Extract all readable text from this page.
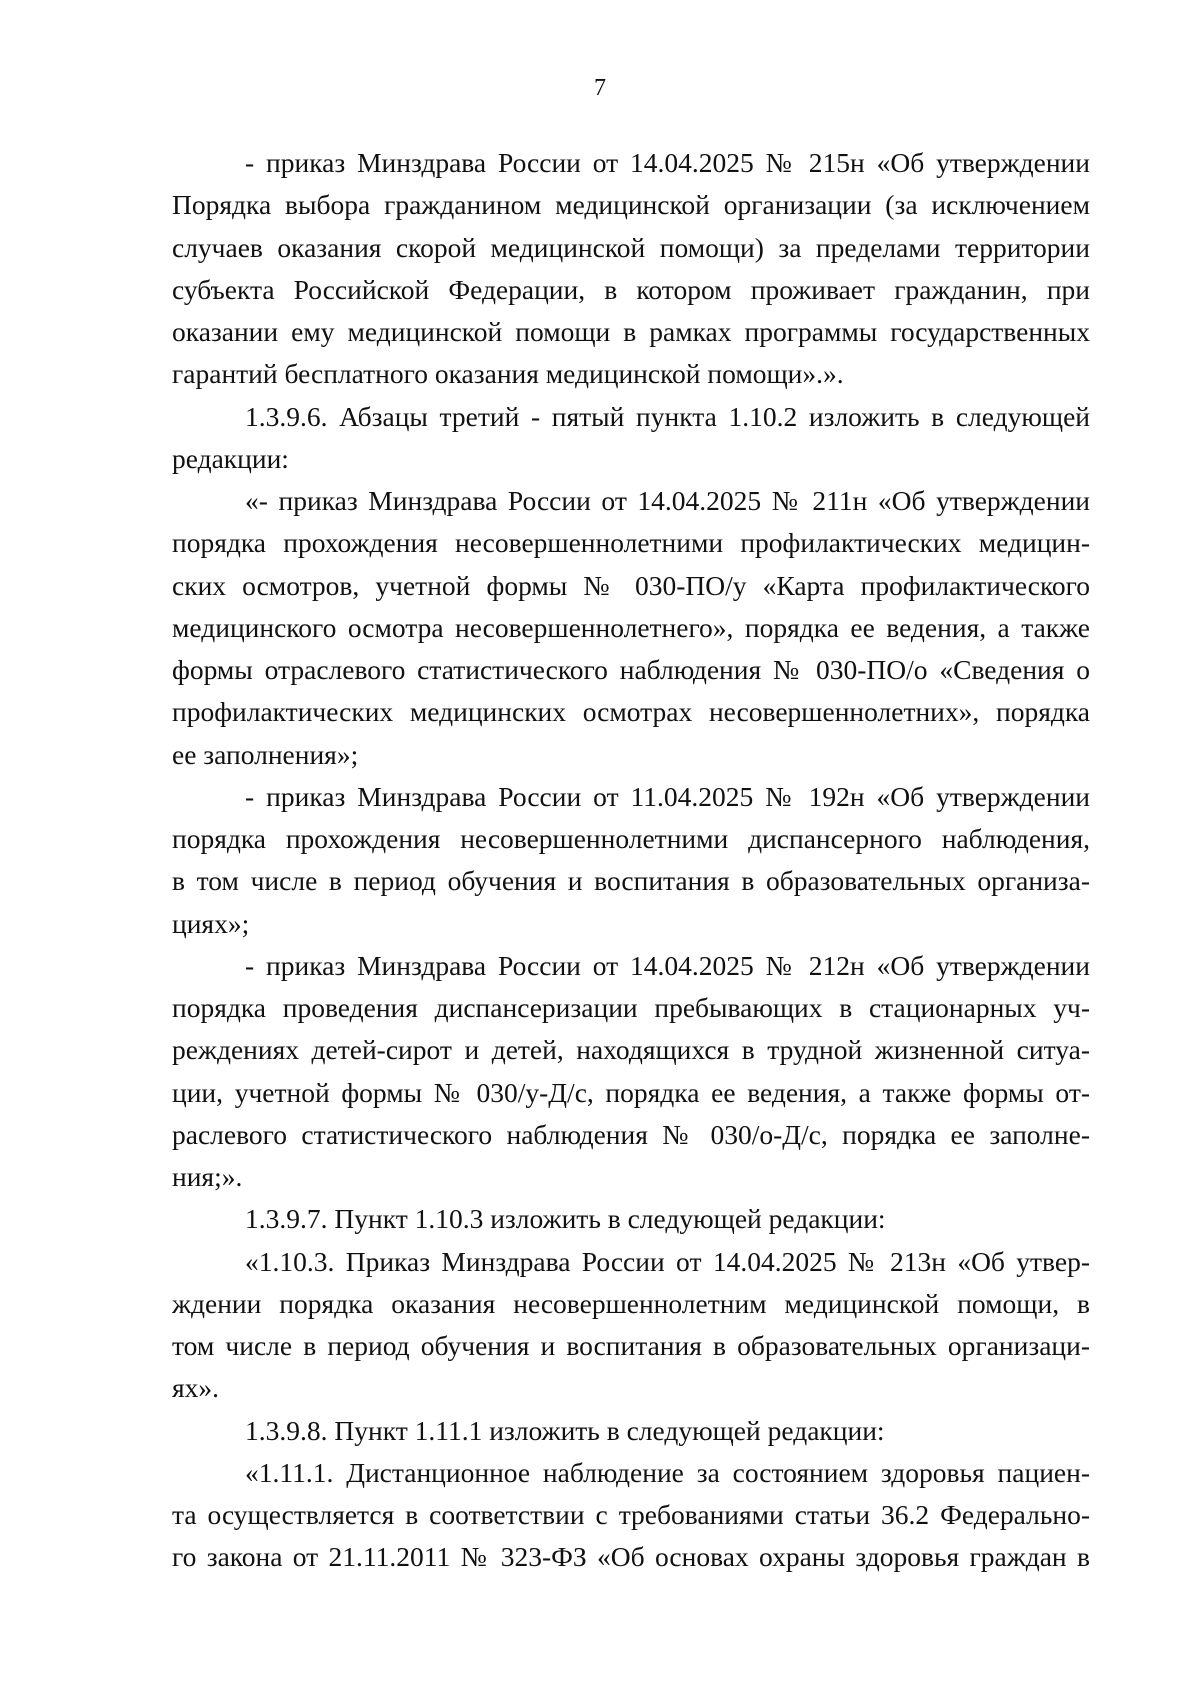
7
- приказ Минздрава России от 14.04.2025 № 215н «Об утверждении
Порядка выбора гражданином медицинской организации (за исключением
случаев оказания скорой медицинской помощи) за пределами территории
субъекта Российской Федерации, в котором проживает гражданин, при
оказании ему медицинской помощи в рамках программы государственных
гарантий бесплатного оказания медицинской помощи».».
1.3.9.6. Абзацы третий - пятый пункта 1.10.2 изложить в следующей
редакции:
«- приказ Минздрава России от 14.04.2025 № 211н «Об утверждении
порядка прохождения несовершеннолетними профилактических медицин-
ских осмотров, учетной формы № 030-ПО/у «Карта профилактического
медицинского осмотра несовершеннолетнего», порядка ее ведения, а также
формы отраслевого статистического наблюдения № 030-ПО/о «Сведения о
профилактических медицинских осмотрах несовершеннолетних», порядка
ее заполнения»;
- приказ Минздрава России от 11.04.2025 № 192н «Об утверждении
порядка прохождения несовершеннолетними диспансерного наблюдения,
в том числе в период обучения и воспитания в образовательных организа-
циях»;
- приказ Минздрава России от 14.04.2025 № 212н «Об утверждении
порядка проведения диспансеризации пребывающих в стационарных уч-
реждениях детей-сирот и детей, находящихся в трудной жизненной ситуа-
ции, учетной формы № 030/у-Д/с, порядка ее ведения, а также формы от-
раслевого статистического наблюдения № 030/о-Д/с, порядка ее заполне-
ния;».
1.3.9.7. Пункт 1.10.3 изложить в следующей редакции:
«1.10.3. Приказ Минздрава России от 14.04.2025 № 213н «Об утвер-
ждении порядка оказания несовершеннолетним медицинской помощи, в
том числе в период обучения и воспитания в образовательных организаци-
ях».
1.3.9.8. Пункт 1.11.1 изложить в следующей редакции:
«1.11.1. Дистанционное наблюдение за состоянием здоровья пациен-
та осуществляется в соответствии с требованиями статьи 36.2 Федерально-
го закона от 21.11.2011 № 323-ФЗ «Об основах охраны здоровья граждан в
